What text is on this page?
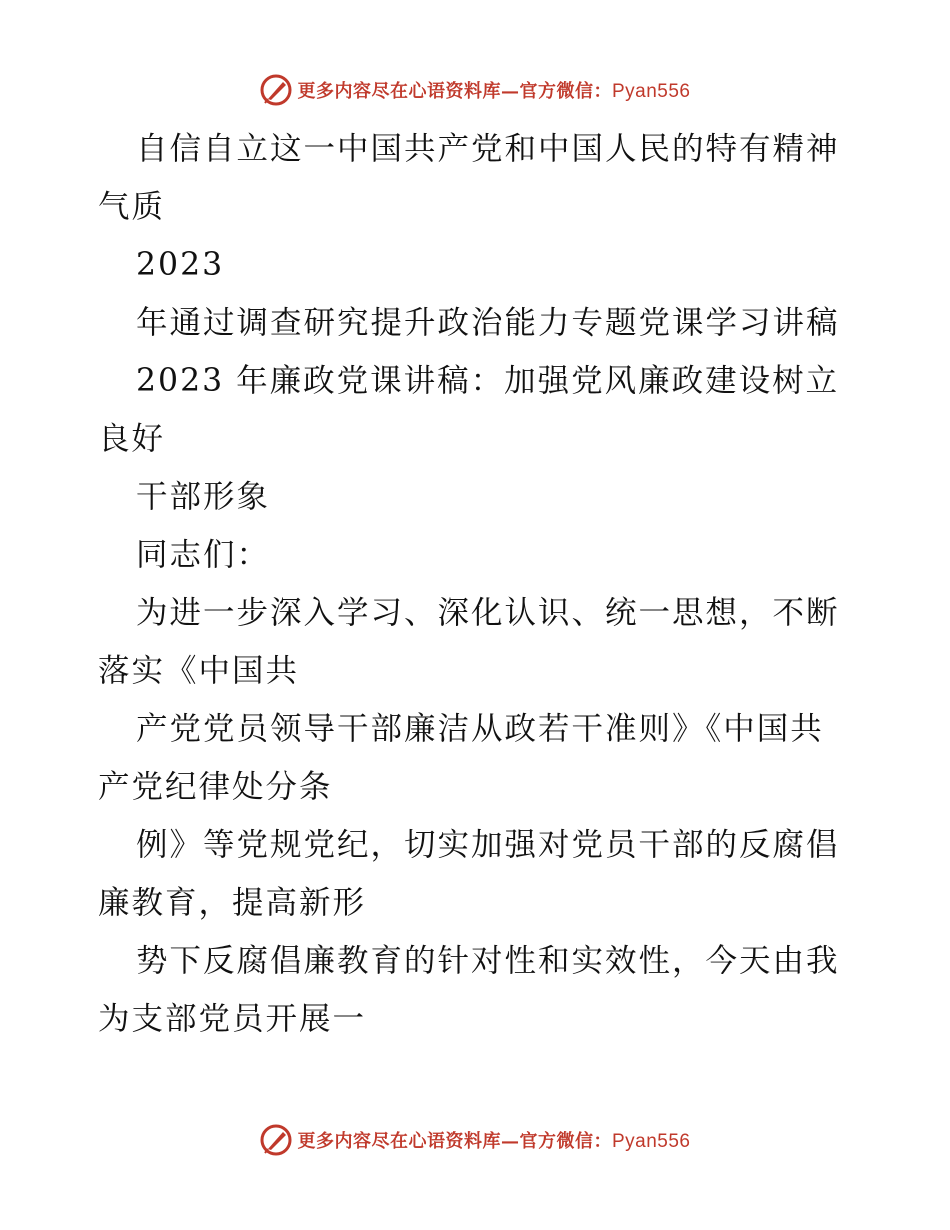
更多内容尽在心语资料库—官方微信：Pyan556
自信自立这一中国共产党和中国人民的特有精神
气质
2023
年通过调查研究提升政治能力专题党课学习讲稿
2023 年廉政党课讲稿：加强党风廉政建设树立
良好
干部形象
同志们：
为进一步深入学习、深化认识、统一思想，不断
落实《中国共
产党党员领导干部廉洁从政若干准则》《中国共
产党纪律处分条
例》等党规党纪，切实加强对党员干部的反腐倡
廉教育，提高新形
势下反腐倡廉教育的针对性和实效性，今天由我
为支部党员开展一
更多内容尽在心语资料库—官方微信：Pyan556
